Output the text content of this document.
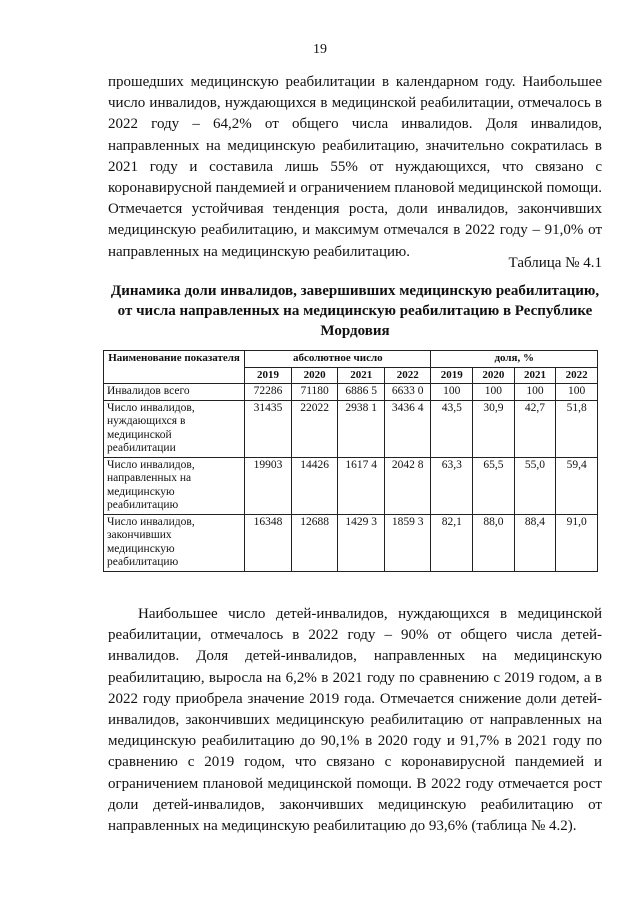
19

прошедших медицинскую реабилитации в календарном году. Наибольшее число инвалидов, нуждающихся в медицинской реабилитации, отмечалось в 2022 году – 64,2% от общего числа инвалидов. Доля инвалидов, направленных на медицинскую реабилитацию, значительно сократилась в 2021 году и составила лишь 55% от нуждающихся, что связано с коронавирусной пандемией и ограничением плановой медицинской помощи. Отмечается устойчивая тенденция роста, доли инвалидов, закончивших медицинскую реабилитацию, и максимум отмечался в 2022 году – 91,0% от направленных на медицинскую реабилитацию.

Таблица № 4.1

Динамика доли инвалидов, завершивших медицинскую реабилитацию, от числа направленных на медицинскую реабилитацию в Республике Мордовия

Наименование показателя	абсолютное число				доля, %			
	2019	2020	2021	2022	2019	2020	2021	2022
Инвалидов всего	72286	71180	6886 5	6633 0	100	100	100	100
Число инвалидов, нуждающихся в медицинской реабилитации	31435	22022	2938 1	3436 4	43,5	30,9	42,7	51,8
Число инвалидов, направленных на медицинскую реабилитацию	19903	14426	1617 4	2042 8	63,3	65,5	55,0	59,4
Число инвалидов, закончивших медицинскую реабилитацию	16348	12688	1429 3	1859 3	82,1	88,0	88,4	91,0

Наибольшее число детей-инвалидов, нуждающихся в медицинской реабилитации, отмечалось в 2022 году – 90% от общего числа детей-инвалидов. Доля детей-инвалидов, направленных на медицинскую реабилитацию, выросла на 6,2% в 2021 году по сравнению с 2019 годом, а в 2022 году приобрела значение 2019 года. Отмечается снижение доли детей-инвалидов, закончивших медицинскую реабилитацию от направленных на медицинскую реабилитацию до 90,1% в 2020 году и 91,7% в 2021 году по сравнению с 2019 годом, что связано с коронавирусной пандемией и ограничением плановой медицинской помощи. В 2022 году отмечается рост доли детей-инвалидов, закончивших медицинскую реабилитацию от направленных на медицинскую реабилитацию до 93,6% (таблица № 4.2).
